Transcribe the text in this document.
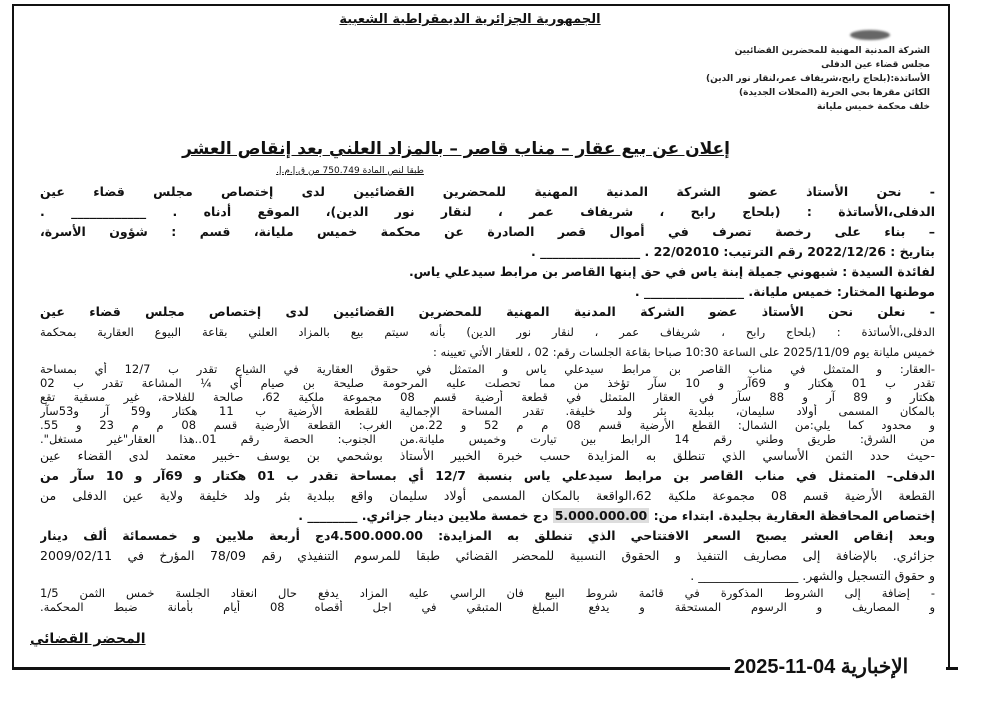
الجمهورية الجزائرية الديمقراطية الشعبية
الشركة المدنية المهنية للمحضرين القضائيين
مجلس قضاء عين الدفلى
الأساتذة:(بلحاج رابح،شريفاف عمر،لنقار نور الدين)
الكائن مقرها بحي الحرية (المحلات الجديدة)
خلف محكمة خميس مليانة
إعلان عن بيع عقار – مناب قاصر – بالمزاد العلني بعد إنقاص العشر
طبقا لنص المادة 750.749 من ق.إ.م.إ.
- نحن الأستاذ عضو الشركة المدنية المهنية للمحضرين القضائيين لدى إختصاص مجلس قضاء عين
الدفلى،الأساتذة : (بلحاج رابح ، شريفاف عمر ، لنقار نور الدين)، الموقع أدناه . ____________ .
– بناء على رخصة تصرف في أموال قصر الصادرة عن محكمة خميس مليانة، قسم : شؤون الأسرة،
بتاريخ : 2022/12/26 رقم الترتيب: 22/02010 . ________________ .
لفائدة السيدة : شبهوني جميلة إبنة ياس في حق إبنها القاصر بن مرابط سيدعلي ياس.
موطنها المختار: خميس مليانة. ________________ .
- نعلن نحن الأستاذ عضو الشركة المدنية المهنية للمحضرين القضائيين لدى إختصاص مجلس قضاء عين
الدفلى،الأساتذة : (بلحاج رابح ، شريفاف عمر ، لنقار نور الدين) بأنه سيتم بيع بالمزاد العلني بقاعة البيوع العقارية بمحكمة
خميس مليانة يوم 2025/11/09 على الساعة 10:30 صباحا بقاعة الجلسات رقم: 02 ، للعقار الأتي تعيينه :
-العقار: و المتمثل في مناب القاصر بن مرابط سيدعلي ياس و المتمثل في حقوق العقارية في الشياع تقدر ب 12/7 أي بمساحة
تقدر ب 01 هكتار و 69آر و 10 سآر تؤخذ من مما تحصلت عليه المرحومة صليحة بن صيام أي ¼ المشاعة تقدر ب 02
هكتار و 89 آر و 88 سآر في العقار المتمثل في قطعة أرضية قسم 08 مجموعة ملكية 62، صالحة للفلاحة، غير مسقية تقع
بالمكان المسمى أولاد سليمان، ببلدية بئر ولد خليفة. تقدر المساحة الإجمالية للقطعة الأرضية ب 11 هكتار و59 آر و53سآر
و محدود كما يلي:من الشمال: القطع الأرضية قسم 08 م م 52 و 22.من الغرب: القطعة الأرضية قسم 08 م م 23 و 55.
من الشرق: طريق وطني رقم 14 الرابط بين تيارت وخميس مليانة.من الجنوب: الحصة رقم 01..هذا العقار"غير مستغل".
-حيث حدد الثمن الأساسي الذي تنطلق به المزايدة حسب خبرة الخبير الأستاذ بوشحمي بن يوسف -خبير معتمد لدى القضاء عين
الدفلى– المتمثل في مناب القاصر بن مرابط سيدعلي ياس بنسبة 12/7 أي بمساحة تقدر ب 01 هكتار و 69آر و 10 سآر من
القطعة الأرضية قسم 08 مجموعة ملكية 62،الواقعة بالمكان المسمى أولاد سليمان واقع ببلدية بئر ولد خليفة ولاية عين الدفلى من
إختصاص المحافظة العقارية بجليدة. ابتداء من: 5.000.000.00 دج خمسة ملايين دينار جزائري. ________ .
وبعد إنقاص العشر يصبح السعر الافتتاحي الذي تنطلق به المزايدة: 4.500.000.00دج أربعة ملايين و خمسمائة ألف دينار
جزائري. بالإضافة إلى مصاريف التنفيذ و الحقوق النسبية للمحضر القضائي طبقا للمرسوم التنفيذي رقم 78/09 المؤرخ في 2009/02/11
و حقوق التسجيل والشهر. ________________ .
- إضافة إلى الشروط المذكورة في قائمة شروط البيع فان الراسي عليه المزاد يدفع حال انعقاد الجلسة خمس الثمن 1/5
و المصاريف و الرسوم المستحقة و يدفع المبلغ المتبقي في اجل أقصاه 08 أيام بأمانة ضبط المحكمة.
المحضر القضائي
الإخبارية 04-11-2025
